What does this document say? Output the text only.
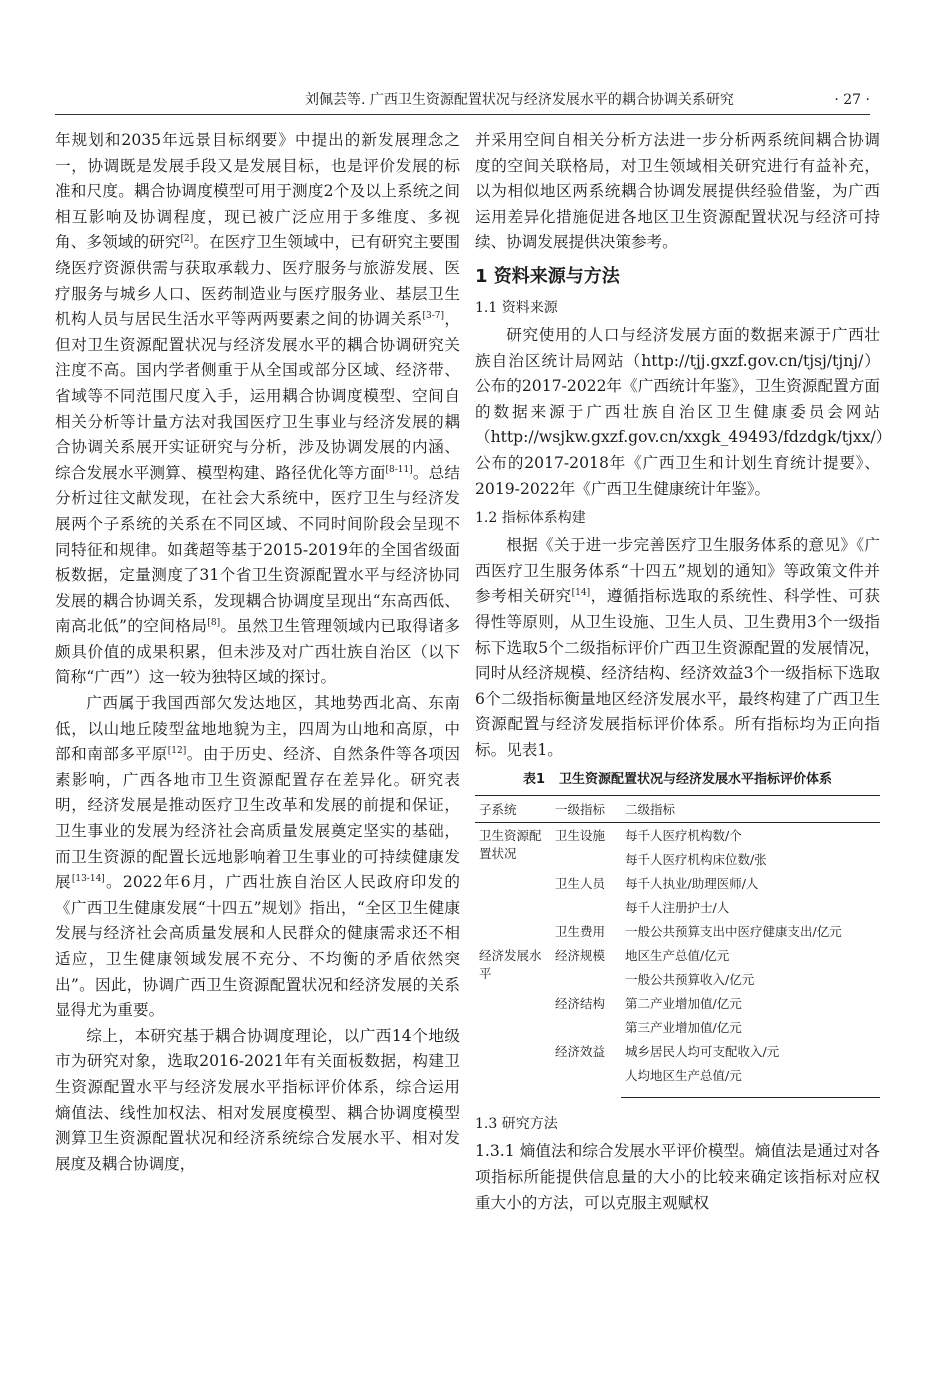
刘佩芸等. 广西卫生资源配置状况与经济发展水平的耦合协调关系研究	· 27 ·

年规划和2035年远景目标纲要》中提出的新发展理念之一，协调既是发展手段又是发展目标，也是评价发展的标准和尺度。耦合协调度模型可用于测度2个及以上系统之间相互影响及协调程度，现已被广泛应用于多维度、多视角、多领域的研究[2]。在医疗卫生领域中，已有研究主要围绕医疗资源供需与获取承载力、医疗服务与旅游发展、医疗服务与城乡人口、医药制造业与医疗服务业、基层卫生机构人员与居民生活水平等两两要素之间的协调关系[3-7]，但对卫生资源配置状况与经济发展水平的耦合协调研究关注度不高。国内学者侧重于从全国或部分区域、经济带、省域等不同范围尺度入手，运用耦合协调度模型、空间自相关分析等计量方法对我国医疗卫生事业与经济发展的耦合协调关系展开实证研究与分析，涉及协调发展的内涵、综合发展水平测算、模型构建、路径优化等方面[8-11]。总结分析过往文献发现，在社会大系统中，医疗卫生与经济发展两个子系统的关系在不同区域、不同时间阶段会呈现不同特征和规律。如龚超等基于2015-2019年的全国省级面板数据，定量测度了31个省卫生资源配置水平与经济协同发展的耦合协调关系，发现耦合协调度呈现出“东高西低、南高北低”的空间格局[8]。虽然卫生管理领域内已取得诸多颇具价值的成果积累，但未涉及对广西壮族自治区（以下简称“广西”）这一较为独特区域的探讨。

广西属于我国西部欠发达地区，其地势西北高、东南低，以山地丘陵型盆地地貌为主，四周为山地和高原，中部和南部多平原[12]。由于历史、经济、自然条件等各项因素影响，广西各地市卫生资源配置存在差异化。研究表明，经济发展是推动医疗卫生改革和发展的前提和保证，卫生事业的发展为经济社会高质量发展奠定坚实的基础，而卫生资源的配置长远地影响着卫生事业的可持续健康发展[13-14]。2022年6月，广西壮族自治区人民政府印发的《广西卫生健康发展“十四五”规划》指出，“全区卫生健康发展与经济社会高质量发展和人民群众的健康需求还不相适应，卫生健康领域发展不充分、不均衡的矛盾依然突出”。因此，协调广西卫生资源配置状况和经济发展的关系显得尤为重要。

综上，本研究基于耦合协调度理论，以广西14个地级市为研究对象，选取2016-2021年有关面板数据，构建卫生资源配置水平与经济发展水平指标评价体系，综合运用熵值法、线性加权法、相对发展度模型、耦合协调度模型测算卫生资源配置状况和经济系统综合发展水平、相对发展度及耦合协调度，

并采用空间自相关分析方法进一步分析两系统间耦合协调度的空间关联格局，对卫生领域相关研究进行有益补充，以为相似地区两系统耦合协调发展提供经验借鉴，为广西运用差异化措施促进各地区卫生资源配置状况与经济可持续、协调发展提供决策参考。

1 资料来源与方法
1.1 资料来源

研究使用的人口与经济发展方面的数据来源于广西壮族自治区统计局网站（http://tjj.gxzf.gov.cn/tjsj/tjnj/）公布的2017-2022年《广西统计年鉴》，卫生资源配置方面的数据来源于广西壮族自治区卫生健康委员会网站（http://wsjkw.gxzf.gov.cn/xxgk_49493/fdzdgk/tjxx/）公布的2017-2018年《广西卫生和计划生育统计提要》、2019-2022年《广西卫生健康统计年鉴》。

1.2 指标体系构建

根据《关于进一步完善医疗卫生服务体系的意见》《广西医疗卫生服务体系“十四五”规划的通知》等政策文件并参考相关研究[14]，遵循指标选取的系统性、科学性、可获得性等原则，从卫生设施、卫生人员、卫生费用3个一级指标下选取5个二级指标评价广西卫生资源配置的发展情况，同时从经济规模、经济结构、经济效益3个一级指标下选取6个二级指标衡量地区经济发展水平，最终构建了广西卫生资源配置与经济发展指标评价体系。所有指标均为正向指标。见表1。

表1 卫生资源配置状况与经济发展水平指标评价体系
子系统	一级指标	二级指标
卫生资源配置状况	卫生设施	每千人医疗机构数/个
		每千人医疗机构床位数/张
	卫生人员	每千人执业/助理医师/人
		每千人注册护士/人
	卫生费用	一般公共预算支出中医疗健康支出/亿元
经济发展水平	经济规模	地区生产总值/亿元
		一般公共预算收入/亿元
	经济结构	第二产业增加值/亿元
		第三产业增加值/亿元
	经济效益	城乡居民人均可支配收入/元
		人均地区生产总值/元
1.3 研究方法

1.3.1 熵值法和综合发展水平评价模型。熵值法是通过对各项指标所能提供信息量的大小的比较来确定该指标对应权重大小的方法，可以克服主观赋权
